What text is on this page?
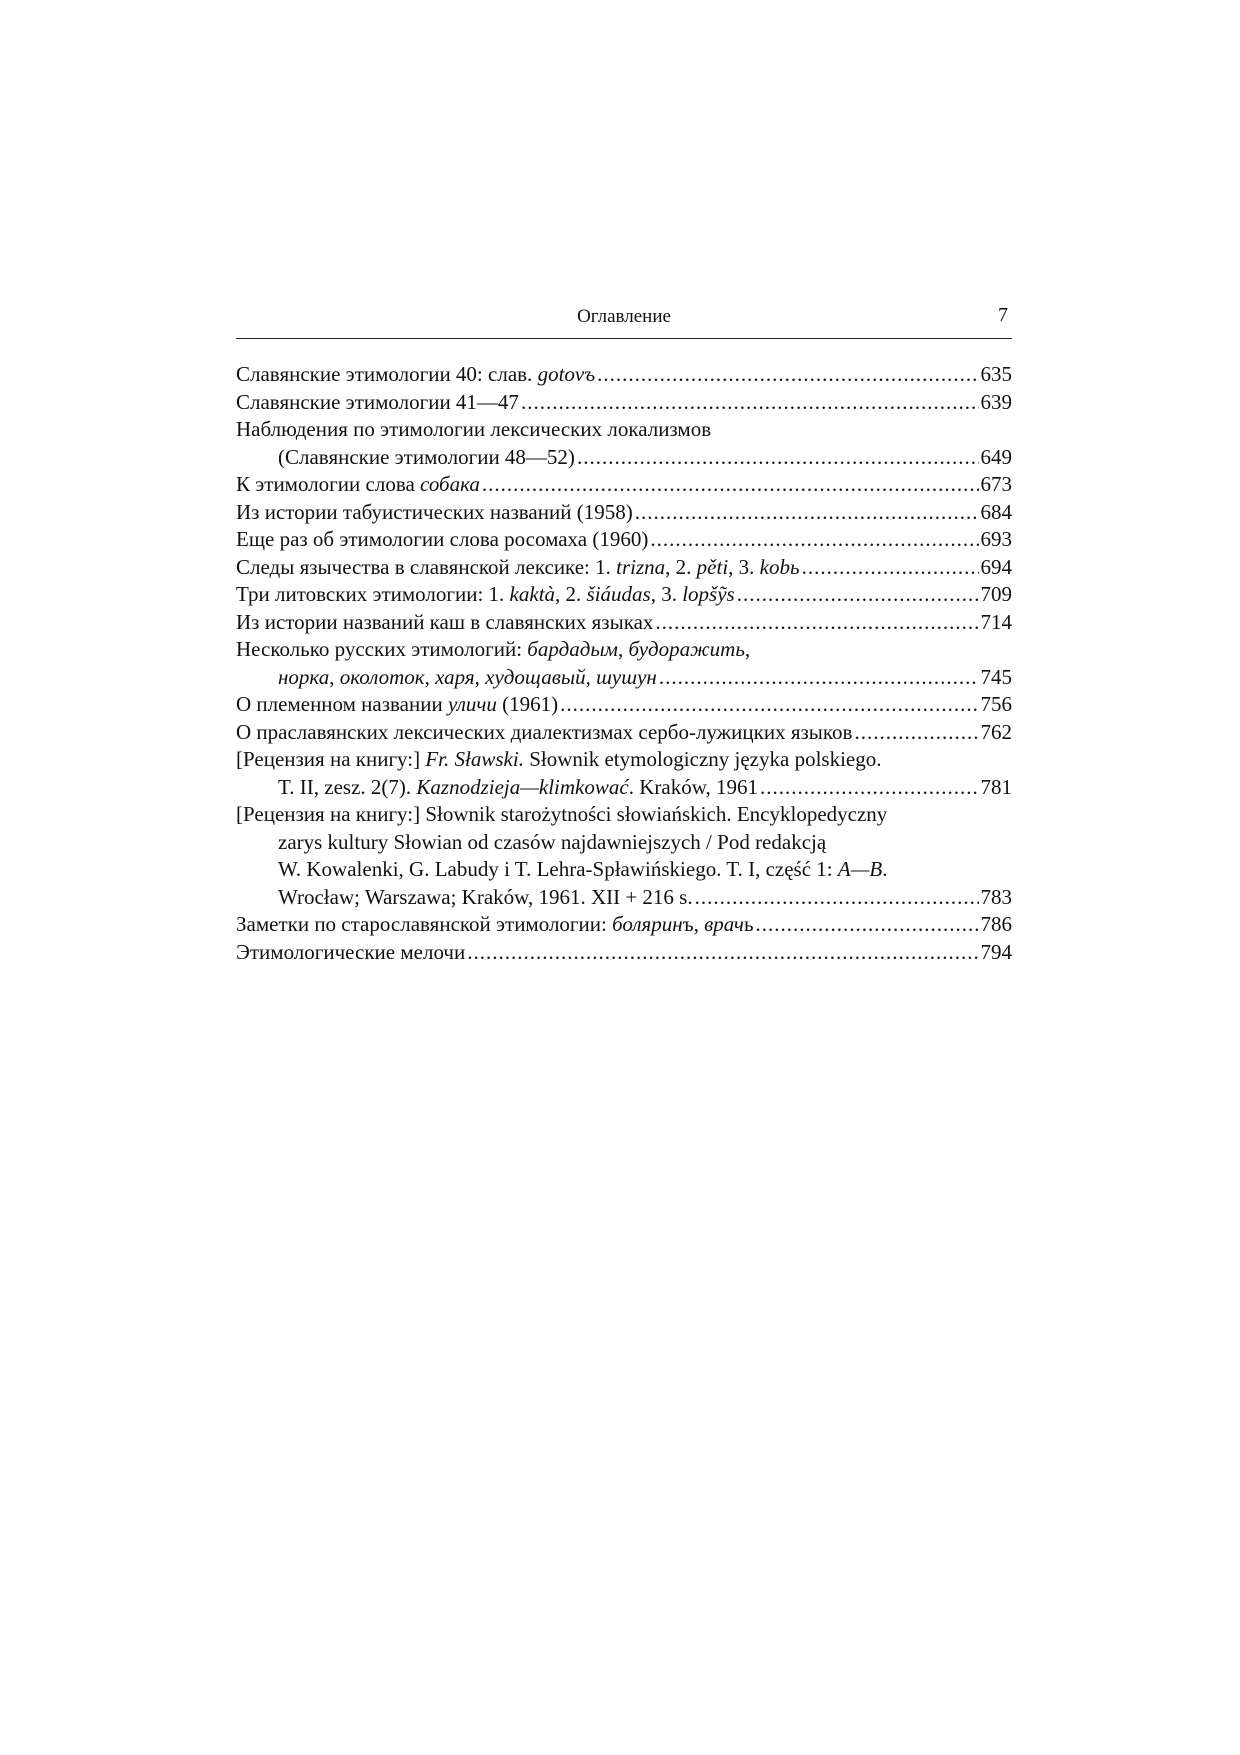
Оглавление	7
Славянские этимологии 40: слав. gotovъ .....	635
Славянские этимологии 41—47 .....	639
Наблюдения по этимологии лексических локализмов
(Славянские этимологии 48—52) .....	649
К этимологии слова собака .....	673
Из истории табуистических названий (1958) .....	684
Еще раз об этимологии слова росомаха (1960) .....	693
Следы язычества в славянской лексике: 1. trizna, 2. pěti, 3. kobь .....	694
Три литовских этимологии: 1. kaktà, 2. šiáudas, 3. lopšỹs .....	709
Из истории названий каш в славянских языках .....	714
Несколько русских этимологий: бардадым, будоражить,
норка, околоток, харя, худощавый, шушун .....	745
О племенном названии уличи (1961) .....	756
О праславянских лексических диалектизмах сербо-лужицких языков .....	762
[Рецензия на книгу:] Fr. Sławski. Słownik etymologiczny języka polskiego.
T. II, zesz. 2(7). Kaznodzieja—klimkować. Kraków, 1961 .....	781
[Рецензия на книгу:] Słownik starożytności słowiańskich. Encyklopedyczny
zarys kultury Słowian od czasów najdawniejszych / Pod redakcją
W. Kowalenki, G. Labudy i T. Lehra-Spławińskiego. T. I, część 1: A—B.
Wrocław; Warszawa; Kraków, 1961. XII + 216 s. .....	783
Заметки по старославянской этимологии: боляринъ, врачь .....	786
Этимологические мелочи .....	794
